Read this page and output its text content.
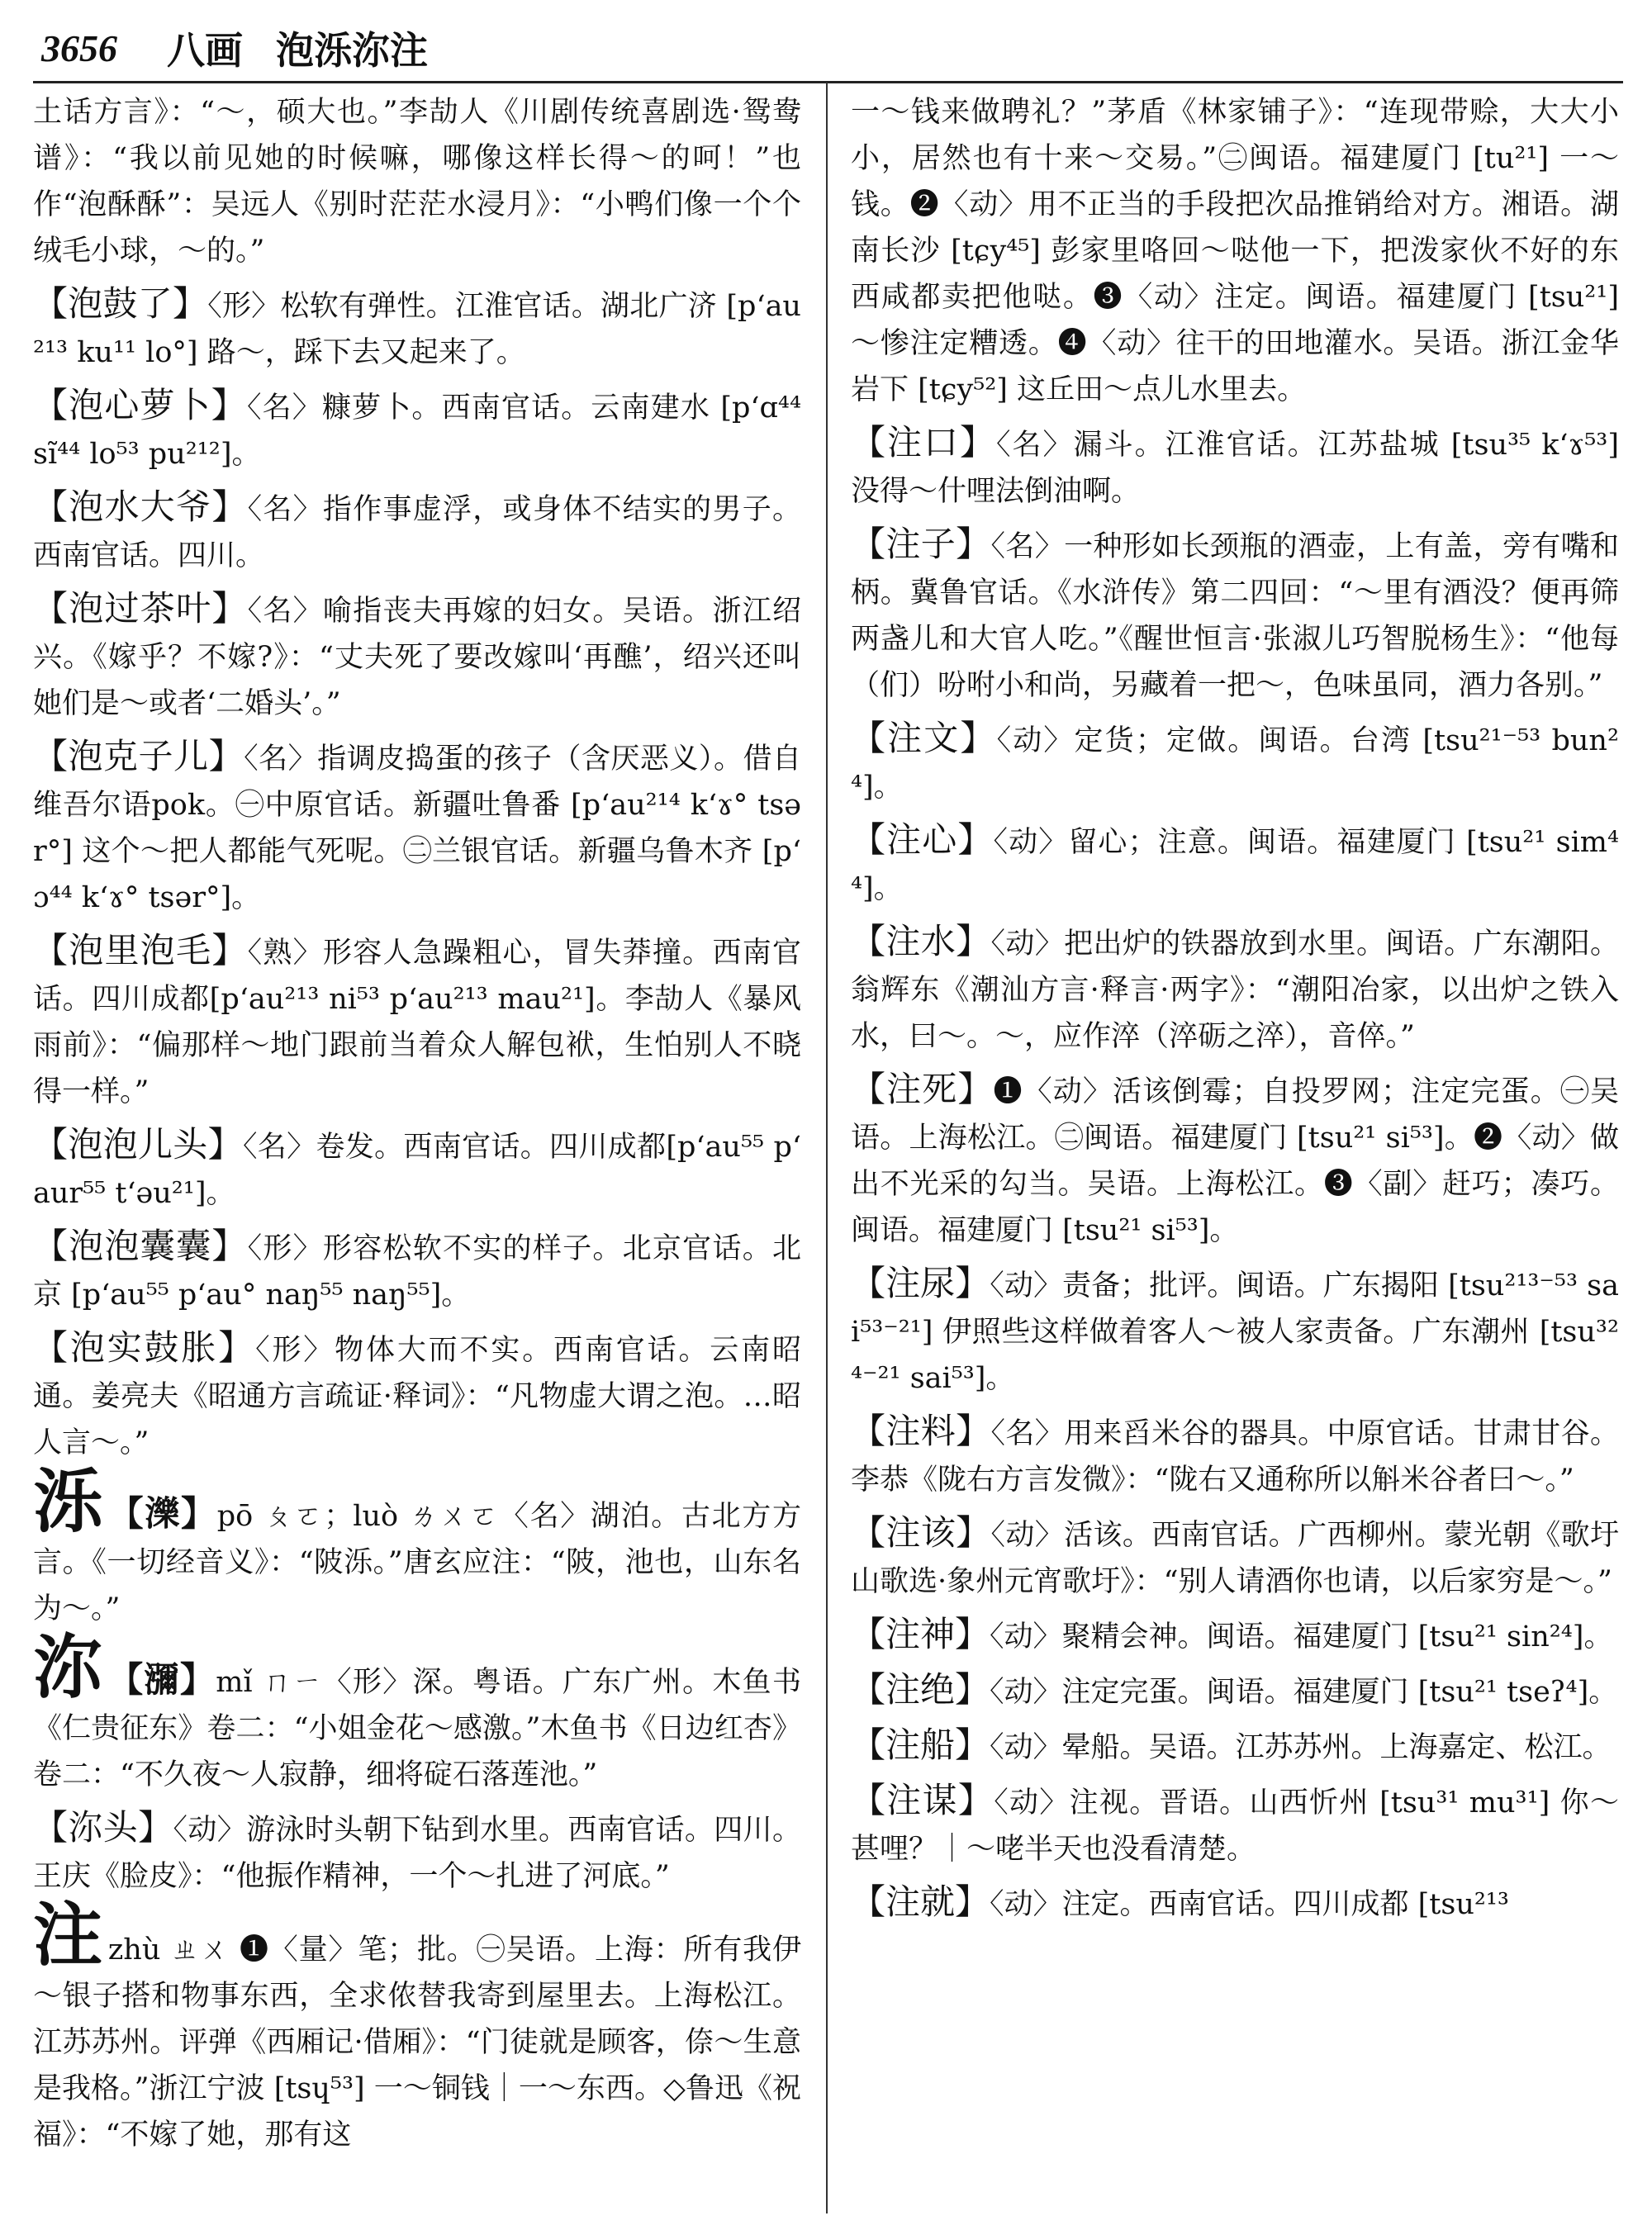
3656 八画 泡泺沵注
土话方言》：“～，硕大也。”李劼人《川剧传统喜剧选·鸳鸯谱》：“我以前见她的时候嘛，哪像这样长得～的呵！”也作“泡酥酥”：吴远人《别时茫茫水浸月》：“小鸭们像一个个绒毛小球，～的。”
【泡鼓了】〈形〉松软有弹性。江淮官话。湖北广济 [pʻau²¹³ ku¹¹ lo°] 路～，踩下去又起来了。
【泡心萝卜】〈名〉糠萝卜。西南官话。云南建水 [pʻɑ⁴⁴ sĩ⁴⁴ lo⁵³ pu²¹²]。
【泡水大爷】〈名〉指作事虚浮，或身体不结实的男子。西南官话。四川。
【泡过茶叶】〈名〉喻指丧夫再嫁的妇女。吴语。浙江绍兴。《嫁乎？不嫁?》：“丈夫死了要改嫁叫‘再醮’，绍兴还叫她们是～或者‘二婚头’。”
【泡克子儿】〈名〉指调皮捣蛋的孩子（含厌恶义）。借自维吾尔语pok。㊀中原官话。新疆吐鲁番 [pʻau²¹⁴ kʻɤ° tsər°] 这个～把人都能气死呢。㊁兰银官话。新疆乌鲁木齐 [pʻɔ⁴⁴ kʻɤ° tsər°]。
【泡里泡毛】〈熟〉形容人急躁粗心，冒失莽撞。西南官话。四川成都[pʻau²¹³ ni⁵³ pʻau²¹³ mau²¹]。李劼人《暴风雨前》：“偏那样～地门跟前当着众人解包袱，生怕别人不晓得一样。”
【泡泡儿头】〈名〉卷发。西南官话。四川成都[pʻau⁵⁵ pʻaur⁵⁵ tʻəu²¹]。
【泡泡囊囊】〈形〉形容松软不实的样子。北京官话。北京 [pʻau⁵⁵ pʻau° naŋ⁵⁵ naŋ⁵⁵]。
【泡实鼓胀】〈形〉物体大而不实。西南官话。云南昭通。姜亮夫《昭通方言疏证·释词》：“凡物虚大谓之泡。…昭人言～。”
泺 【濼】pō ㄆㄛ；luò ㄌㄨㄛ〈名〉湖泊。古北方方言。《一切经音义》：“陂泺。”唐玄应注：“陂，池也，山东名为～。”
沵 【瀰】mǐ ㄇㄧ〈形〉深。粤语。广东广州。木鱼书《仁贵征东》卷二：“小姐金花～感激。”木鱼书《日边红杏》卷二：“不久夜～人寂静，细将碇石落莲池。”
【沵头】〈动〉游泳时头朝下钻到水里。西南官话。四川。王庆《脸皮》：“他振作精神，一个～扎进了河底。”
注zhù ㄓㄨ ❶〈量〉笔；批。㊀吴语。上海：所有我伊～银子搭和物事东西，全求侬替我寄到屋里去。上海松江。江苏苏州。评弹《西厢记·借厢》：“门徒就是顾客，倷～生意是我格。”浙江宁波 [tsɥ⁵³] 一～铜钱｜一～东西。◇鲁迅《祝福》：“不嫁了她，那有这
一～钱来做聘礼？”茅盾《林家铺子》：“连现带赊，大大小小，居然也有十来～交易。”㊁闽语。福建厦门 [tu²¹] 一～钱。❷〈动〉用不正当的手段把次品推销给对方。湘语。湖南长沙 [tɕy⁴⁵] 彭家里咯回～哒他一下，把泼家伙不好的东西咸都卖把他哒。❸〈动〉注定。闽语。福建厦门 [tsu²¹] ～惨注定糟透。❹〈动〉往干的田地灌水。吴语。浙江金华岩下 [tɕy⁵²] 这丘田～点儿水里去。
【注口】〈名〉漏斗。江淮官话。江苏盐城 [tsu³⁵ kʻɤ⁵³] 没得～什哩法倒油啊。
【注子】〈名〉一种形如长颈瓶的酒壶，上有盖，旁有嘴和柄。冀鲁官话。《水浒传》第二四回：“～里有酒没？便再筛两盏儿和大官人吃。”《醒世恒言·张淑儿巧智脱杨生》：“他每（们）吩咐小和尚，另藏着一把～，色味虽同，酒力各别。”
【注文】〈动〉定货；定做。闽语。台湾 [tsu²¹⁻⁵³ bun²⁴]。
【注心】〈动〉留心；注意。闽语。福建厦门 [tsu²¹ sim⁴⁴]。
【注水】〈动〉把出炉的铁器放到水里。闽语。广东潮阳。翁辉东《潮汕方言·释言·两字》：“潮阳冶家，以出炉之铁入水，曰～。～，应作淬（淬砺之淬），音倅。”
【注死】❶〈动〉活该倒霉；自投罗网；注定完蛋。㊀吴语。上海松江。㊁闽语。福建厦门 [tsu²¹ si⁵³]。❷〈动〉做出不光采的勾当。吴语。上海松江。❸〈副〉赶巧；凑巧。闽语。福建厦门 [tsu²¹ si⁵³]。
【注尿】〈动〉责备；批评。闽语。广东揭阳 [tsu²¹³⁻⁵³ sai⁵³⁻²¹] 伊照些这样做着客人～被人家责备。广东潮州 [tsu³²⁴⁻²¹ sai⁵³]。
【注料】〈名〉用来舀米谷的器具。中原官话。甘肃甘谷。李恭《陇右方言发微》：“陇右又通称所以斛米谷者曰～。”
【注该】〈动〉活该。西南官话。广西柳州。蒙光朝《歌圩山歌选·象州元宵歌圩》：“别人请酒你也请，以后家穷是～。”
【注神】〈动〉聚精会神。闽语。福建厦门 [tsu²¹ sin²⁴]。
【注绝】〈动〉注定完蛋。闽语。福建厦门 [tsu²¹ tseʔ⁴]。
【注船】〈动〉晕船。吴语。江苏苏州。上海嘉定、松江。
【注谋】〈动〉注视。晋语。山西忻州 [tsu³¹ mu³¹] 你～甚哩？｜～咾半天也没看清楚。
【注就】〈动〉注定。西南官话。四川成都 [tsu²¹³
